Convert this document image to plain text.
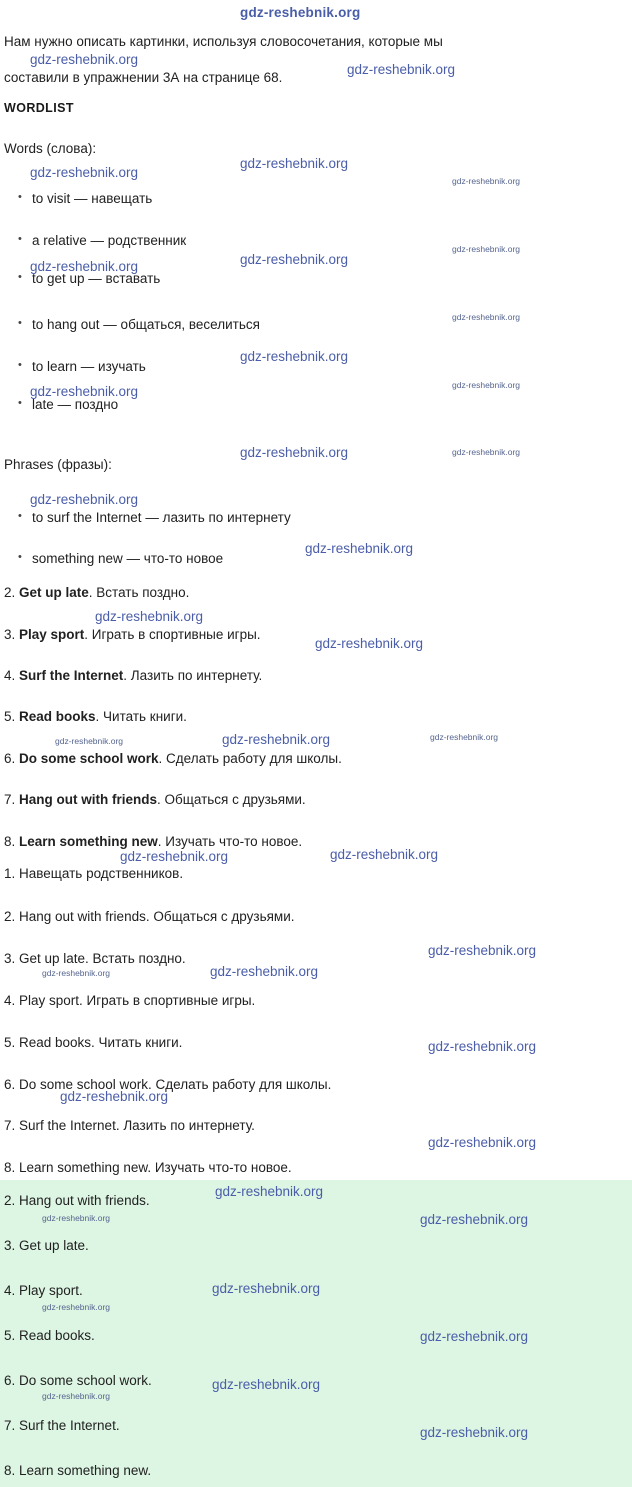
gdz-reshebnik.org
Нам нужно описать картинки, используя словосочетания, которые мы
составили в упражнении 3А на странице 68.
gdz-reshebnik.org
gdz-reshebnik.org
WORDLIST
Words (слова):
gdz-reshebnik.org
gdz-reshebnik.org
gdz-reshebnik.org
• to visit — навещать
• a relative — родственник
gdz-reshebnik.org
gdz-reshebnik.org
gdz-reshebnik.org
• to get up — вставать
gdz-reshebnik.org
• to hang out — общаться, веселиться
gdz-reshebnik.org
• to learn — изучать
gdz-reshebnik.org
gdz-reshebnik.org
• late — поздно
gdz-reshebnik.org	gdz-reshebnik.org
Phrases (фразы):
gdz-reshebnik.org
• to surf the Internet — лазить по интернету
gdz-reshebnik.org
• something new — что-то новое
2. Get up late. Встать поздно.
gdz-reshebnik.org
3. Play sport. Играть в спортивные игры.
gdz-reshebnik.org
4. Surf the Internet. Лазить по интернету.
5. Read books. Читать книги.
gdz-reshebnik.org	gdz-reshebnik.org	gdz-reshebnik.org
6. Do some school work. Сделать работу для школы.
7. Hang out with friends. Общаться с друзьями.
8. Learn something new. Изучать что-то новое.
gdz-reshebnik.org	gdz-reshebnik.org
1. Навещать родственников.
2. Hang out with friends. Общаться с друзьями.
gdz-reshebnik.org
3. Get up late. Встать поздно.
gdz-reshebnik.org	gdz-reshebnik.org
4. Play sport. Играть в спортивные игры.
5. Read books. Читать книги.	gdz-reshebnik.org
6. Do some school work. Сделать работу для школы.
gdz-reshebnik.org
7. Surf the Internet. Лазить по интернету.
gdz-reshebnik.org
8. Learn something new. Изучать что-то новое.
2. Hang out with friends.
gdz-reshebnik.org
gdz-reshebnik.org
3. Get up late.
gdz-reshebnik.org
4. Play sport.	gdz-reshebnik.org
gdz-reshebnik.org
5. Read books.	gdz-reshebnik.org
6. Do some school work.	gdz-reshebnik.org
gdz-reshebnik.org
7. Surf the Internet.	gdz-reshebnik.org
8. Learn something new.
